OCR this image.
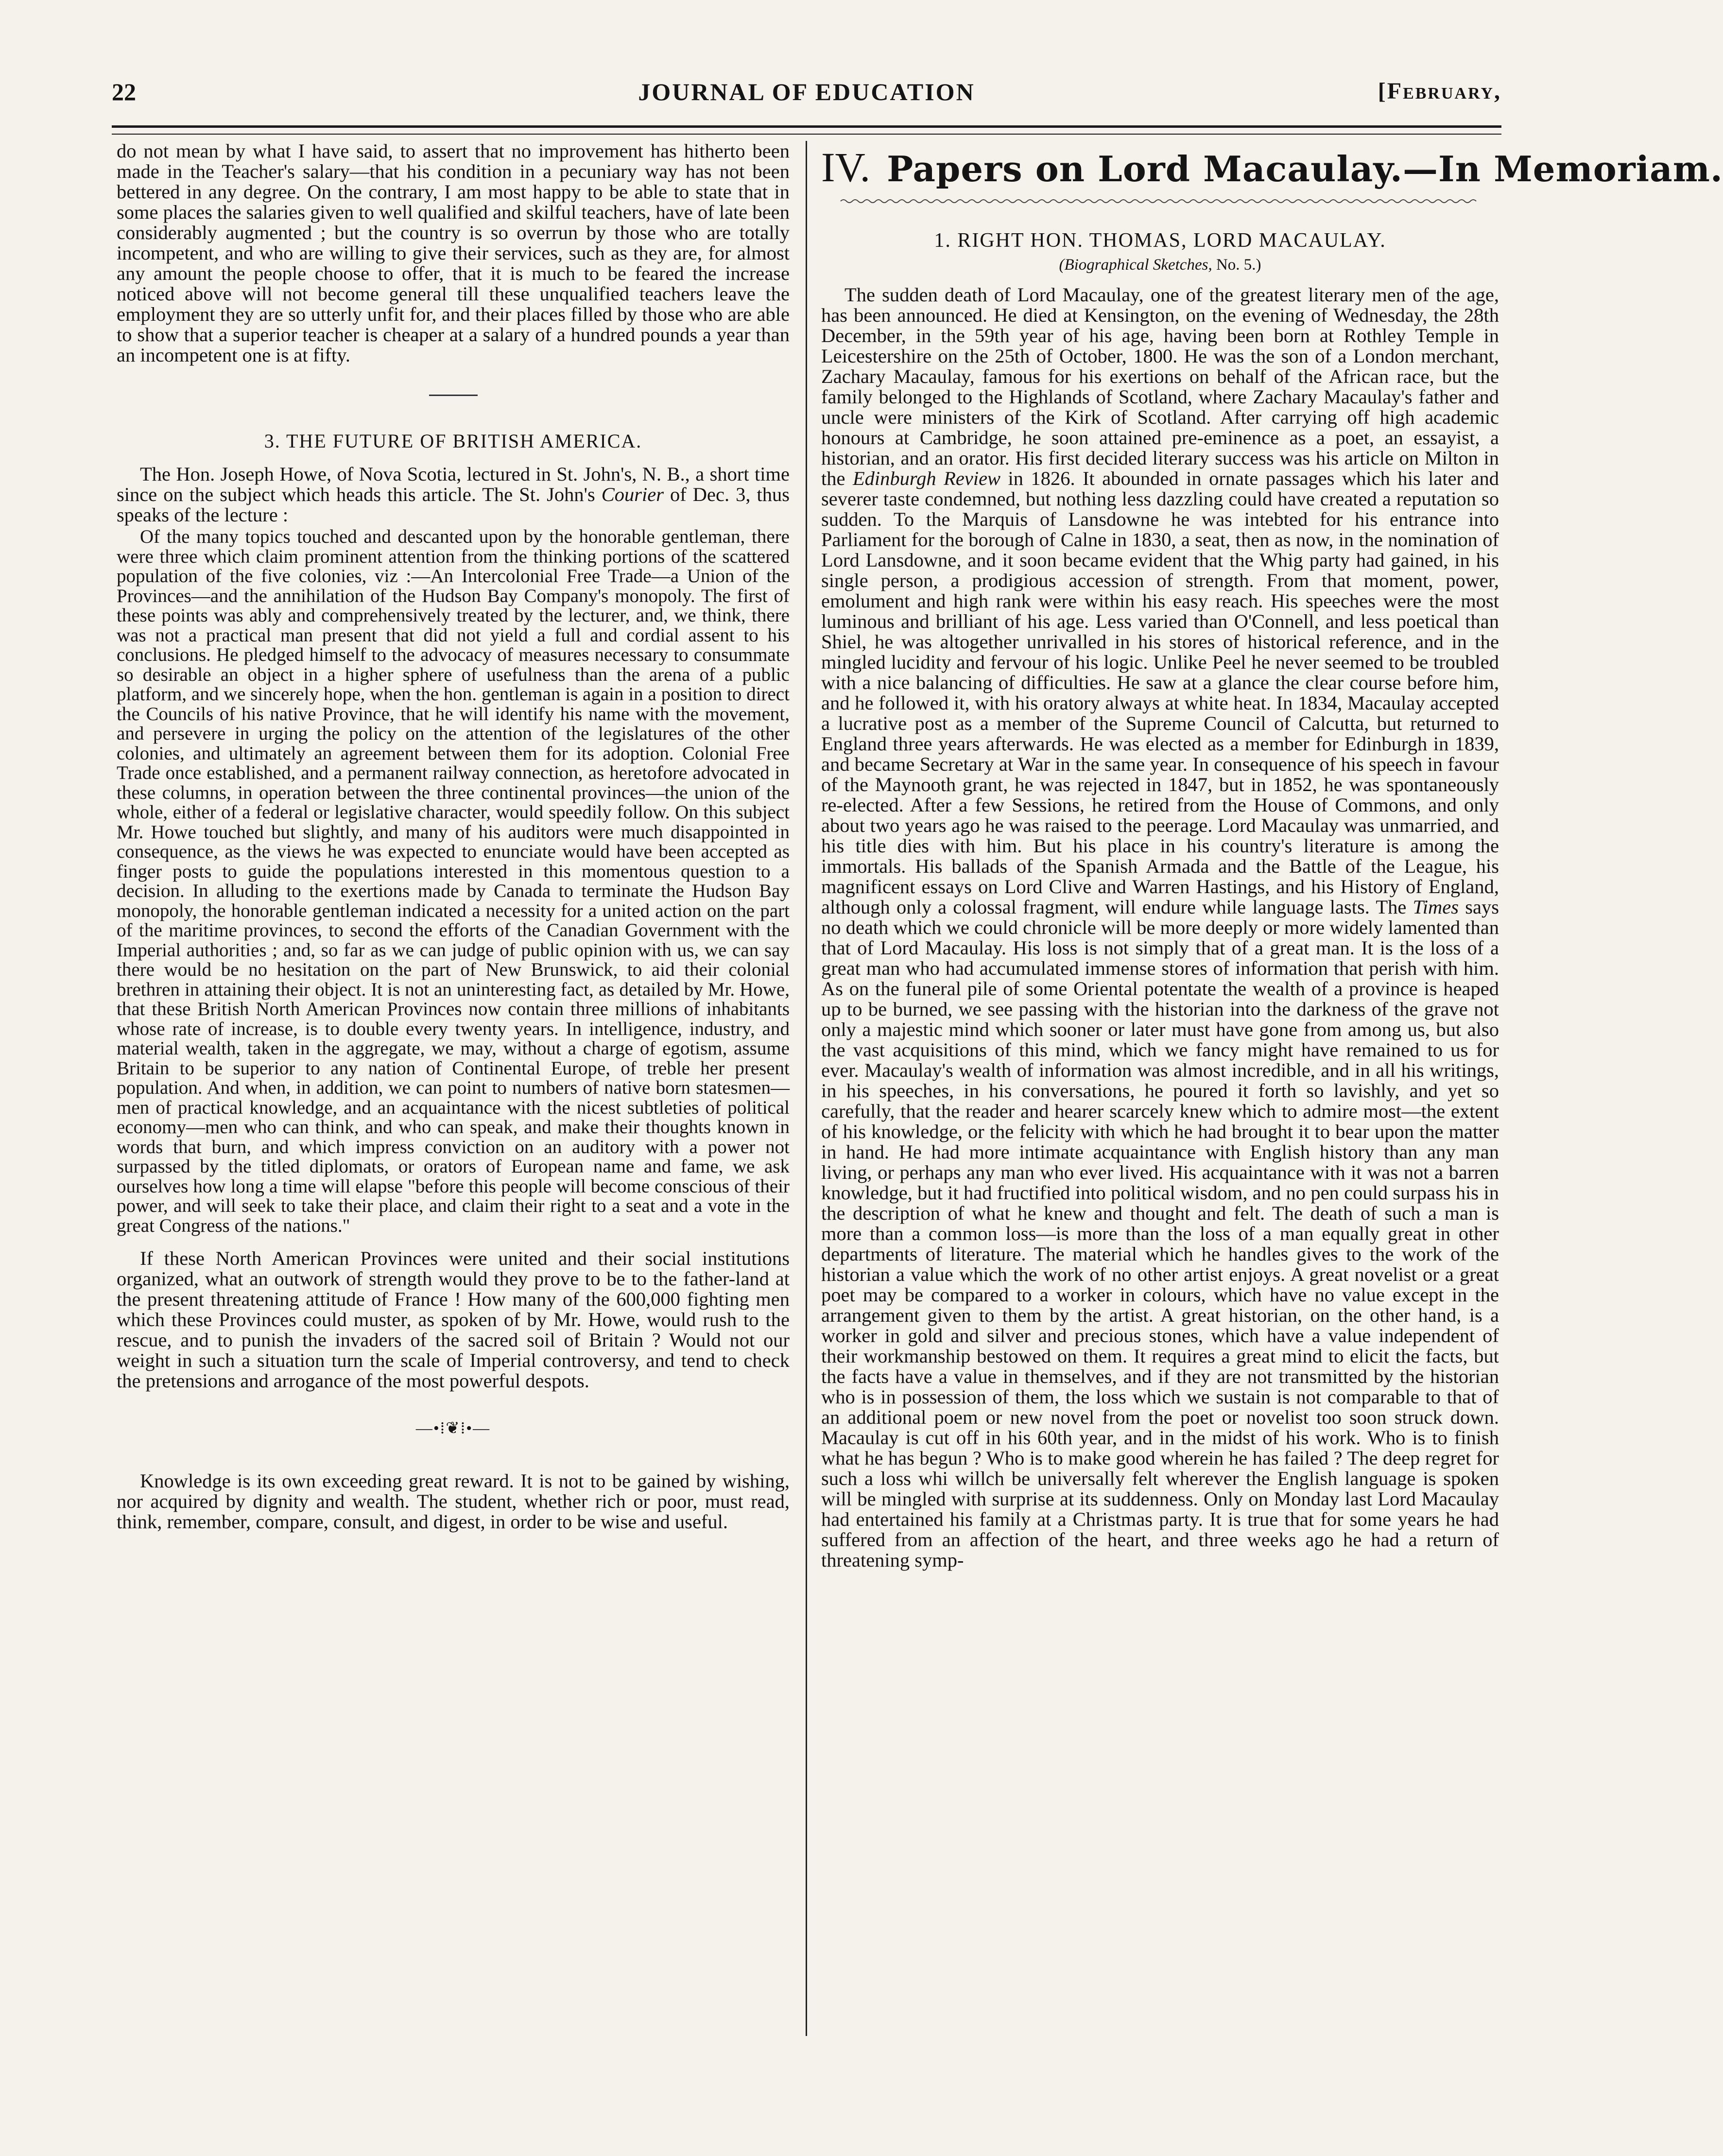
22	JOURNAL OF EDUCATION	[February,

do not mean by what I have said, to assert that no improvement has hitherto been made in the Teacher's salary—that his condition in a pecuniary way has not been bettered in any degree. On the contrary, I am most happy to be able to state that in some places the salaries given to well qualified and skilful teachers, have of late been considerably augmented ; but the country is so overrun by those who are totally incompetent, and who are willing to give their services, such as they are, for almost any amount the people choose to offer, that it is much to be feared the increase noticed above will not become general till these unqualified teachers leave the employment they are so utterly unfit for, and their places filled by those who are able to show that a superior teacher is cheaper at a salary of a hundred pounds a year than an incompetent one is at fifty.

3. THE FUTURE OF BRITISH AMERICA.

The Hon. Joseph Howe, of Nova Scotia, lectured in St. John's, N. B., a short time since on the subject which heads this article. The St. John's Courier of Dec. 3, thus speaks of the lecture :

Of the many topics touched and descanted upon by the honorable gentleman, there were three which claim prominent attention from the thinking portions of the scattered population of the five colonies, viz :—An Intercolonial Free Trade—a Union of the Provinces—and the annihilation of the Hudson Bay Company's monopoly. The first of these points was ably and comprehensively treated by the lecturer, and, we think, there was not a practical man present that did not yield a full and cordial assent to his conclusions. He pledged himself to the advocacy of measures necessary to consummate so desirable an object in a higher sphere of usefulness than the arena of a public platform, and we sincerely hope, when the hon. gentleman is again in a position to direct the Councils of his native Province, that he will identify his name with the movement, and persevere in urging the policy on the attention of the legislatures of the other colonies, and ultimately an agreement between them for its adoption. Colonial Free Trade once established, and a permanent railway connection, as heretofore advocated in these columns, in operation between the three continental provinces—the union of the whole, either of a federal or legislative character, would speedily follow. On this subject Mr. Howe touched but slightly, and many of his auditors were much disappointed in consequence, as the views he was expected to enunciate would have been accepted as finger posts to guide the populations interested in this momentous question to a decision. In alluding to the exertions made by Canada to terminate the Hudson Bay monopoly, the honorable gentleman indicated a necessity for a united action on the part of the maritime provinces, to second the efforts of the Canadian Government with the Imperial authorities ; and, so far as we can judge of public opinion with us, we can say there would be no hesitation on the part of New Brunswick, to aid their colonial brethren in attaining their object. It is not an uninteresting fact, as detailed by Mr. Howe, that these British North American Provinces now contain three millions of inhabitants whose rate of increase, is to double every twenty years. In intelligence, industry, and material wealth, taken in the aggregate, we may, without a charge of egotism, assume Britain to be superior to any nation of Continental Europe, of treble her present population. And when, in addition, we can point to numbers of native born statesmen—men of practical knowledge, and an acquaintance with the nicest subtleties of political economy—men who can think, and who can speak, and make their thoughts known in words that burn, and which impress conviction on an auditory with a power not surpassed by the titled diplomats, or orators of European name and fame, we ask ourselves how long a time will elapse "before this people will become conscious of their power, and will seek to take their place, and claim their right to a seat and a vote in the great Congress of the nations."

If these North American Provinces were united and their social institutions organized, what an outwork of strength would they prove to be to the father-land at the present threatening attitude of France ! How many of the 600,000 fighting men which these Provinces could muster, as spoken of by Mr. Howe, would rush to the rescue, and to punish the invaders of the sacred soil of Britain ? Would not our weight in such a situation turn the scale of Imperial controversy, and tend to check the pretensions and arrogance of the most powerful despots.

—•⁞❦⁞•—

Knowledge is its own exceeding great reward. It is not to be gained by wishing, nor acquired by dignity and wealth. The student, whether rich or poor, must read, think, remember, compare, consult, and digest, in order to be wise and useful.

IV. Papers on Lord Macaulay.—In Memoriam.
1. RIGHT HON. THOMAS, LORD MACAULAY.
(Biographical Sketches, No. 5.)

The sudden death of Lord Macaulay, one of the greatest literary men of the age, has been announced. He died at Kensington, on the evening of Wednesday, the 28th December, in the 59th year of his age, having been born at Rothley Temple in Leicestershire on the 25th of October, 1800. He was the son of a London merchant, Zachary Macaulay, famous for his exertions on behalf of the African race, but the family belonged to the Highlands of Scotland, where Zachary Macaulay's father and uncle were ministers of the Kirk of Scotland. After carrying off high academic honours at Cambridge, he soon attained pre-eminence as a poet, an essayist, a historian, and an orator. His first decided literary success was his article on Milton in the Edinburgh Review in 1826. It abounded in ornate passages which his later and severer taste condemned, but nothing less dazzling could have created a reputation so sudden. To the Marquis of Lansdowne he was intebted for his entrance into Parliament for the borough of Calne in 1830, a seat, then as now, in the nomination of Lord Lansdowne, and it soon became evident that the Whig party had gained, in his single person, a prodigious accession of strength. From that moment, power, emolument and high rank were within his easy reach. His speeches were the most luminous and brilliant of his age. Less varied than O'Connell, and less poetical than Shiel, he was altogether unrivalled in his stores of historical reference, and in the mingled lucidity and fervour of his logic. Unlike Peel he never seemed to be troubled with a nice balancing of difficulties. He saw at a glance the clear course before him, and he followed it, with his oratory always at white heat. In 1834, Macaulay accepted a lucrative post as a member of the Supreme Council of Calcutta, but returned to England three years afterwards. He was elected as a member for Edinburgh in 1839, and became Secretary at War in the same year. In consequence of his speech in favour of the Maynooth grant, he was rejected in 1847, but in 1852, he was spontaneously re-elected. After a few Sessions, he retired from the House of Commons, and only about two years ago he was raised to the peerage. Lord Macaulay was unmarried, and his title dies with him. But his place in his country's literature is among the immortals. His ballads of the Spanish Armada and the Battle of the League, his magnificent essays on Lord Clive and Warren Hastings, and his History of England, although only a colossal fragment, will endure while language lasts. The Times says no death which we could chronicle will be more deeply or more widely lamented than that of Lord Macaulay. His loss is not simply that of a great man. It is the loss of a great man who had accumulated immense stores of information that perish with him. As on the funeral pile of some Oriental potentate the wealth of a province is heaped up to be burned, we see passing with the historian into the darkness of the grave not only a majestic mind which sooner or later must have gone from among us, but also the vast acquisitions of this mind, which we fancy might have remained to us for ever. Macaulay's wealth of information was almost incredible, and in all his writings, in his speeches, in his conversations, he poured it forth so lavishly, and yet so carefully, that the reader and hearer scarcely knew which to admire most—the extent of his knowledge, or the felicity with which he had brought it to bear upon the matter in hand. He had more intimate acquaintance with English history than any man living, or perhaps any man who ever lived. His acquaintance with it was not a barren knowledge, but it had fructified into political wisdom, and no pen could surpass his in the description of what he knew and thought and felt. The death of such a man is more than a common loss—is more than the loss of a man equally great in other departments of literature. The material which he handles gives to the work of the historian a value which the work of no other artist enjoys. A great novelist or a great poet may be compared to a worker in colours, which have no value except in the arrangement given to them by the artist. A great historian, on the other hand, is a worker in gold and silver and precious stones, which have a value independent of their workmanship bestowed on them. It requires a great mind to elicit the facts, but the facts have a value in themselves, and if they are not transmitted by the historian who is in possession of them, the loss which we sustain is not comparable to that of an additional poem or new novel from the poet or novelist too soon struck down. Macaulay is cut off in his 60th year, and in the midst of his work. Who is to finish what he has begun ? Who is to make good wherein he has failed ? The deep regret for such a loss whi willch be universally felt wherever the English language is spoken will be mingled with surprise at its suddenness. Only on Monday last Lord Macaulay had entertained his family at a Christmas party. It is true that for some years he had suffered from an affection of the heart, and three weeks ago he had a return of threatening symp-
